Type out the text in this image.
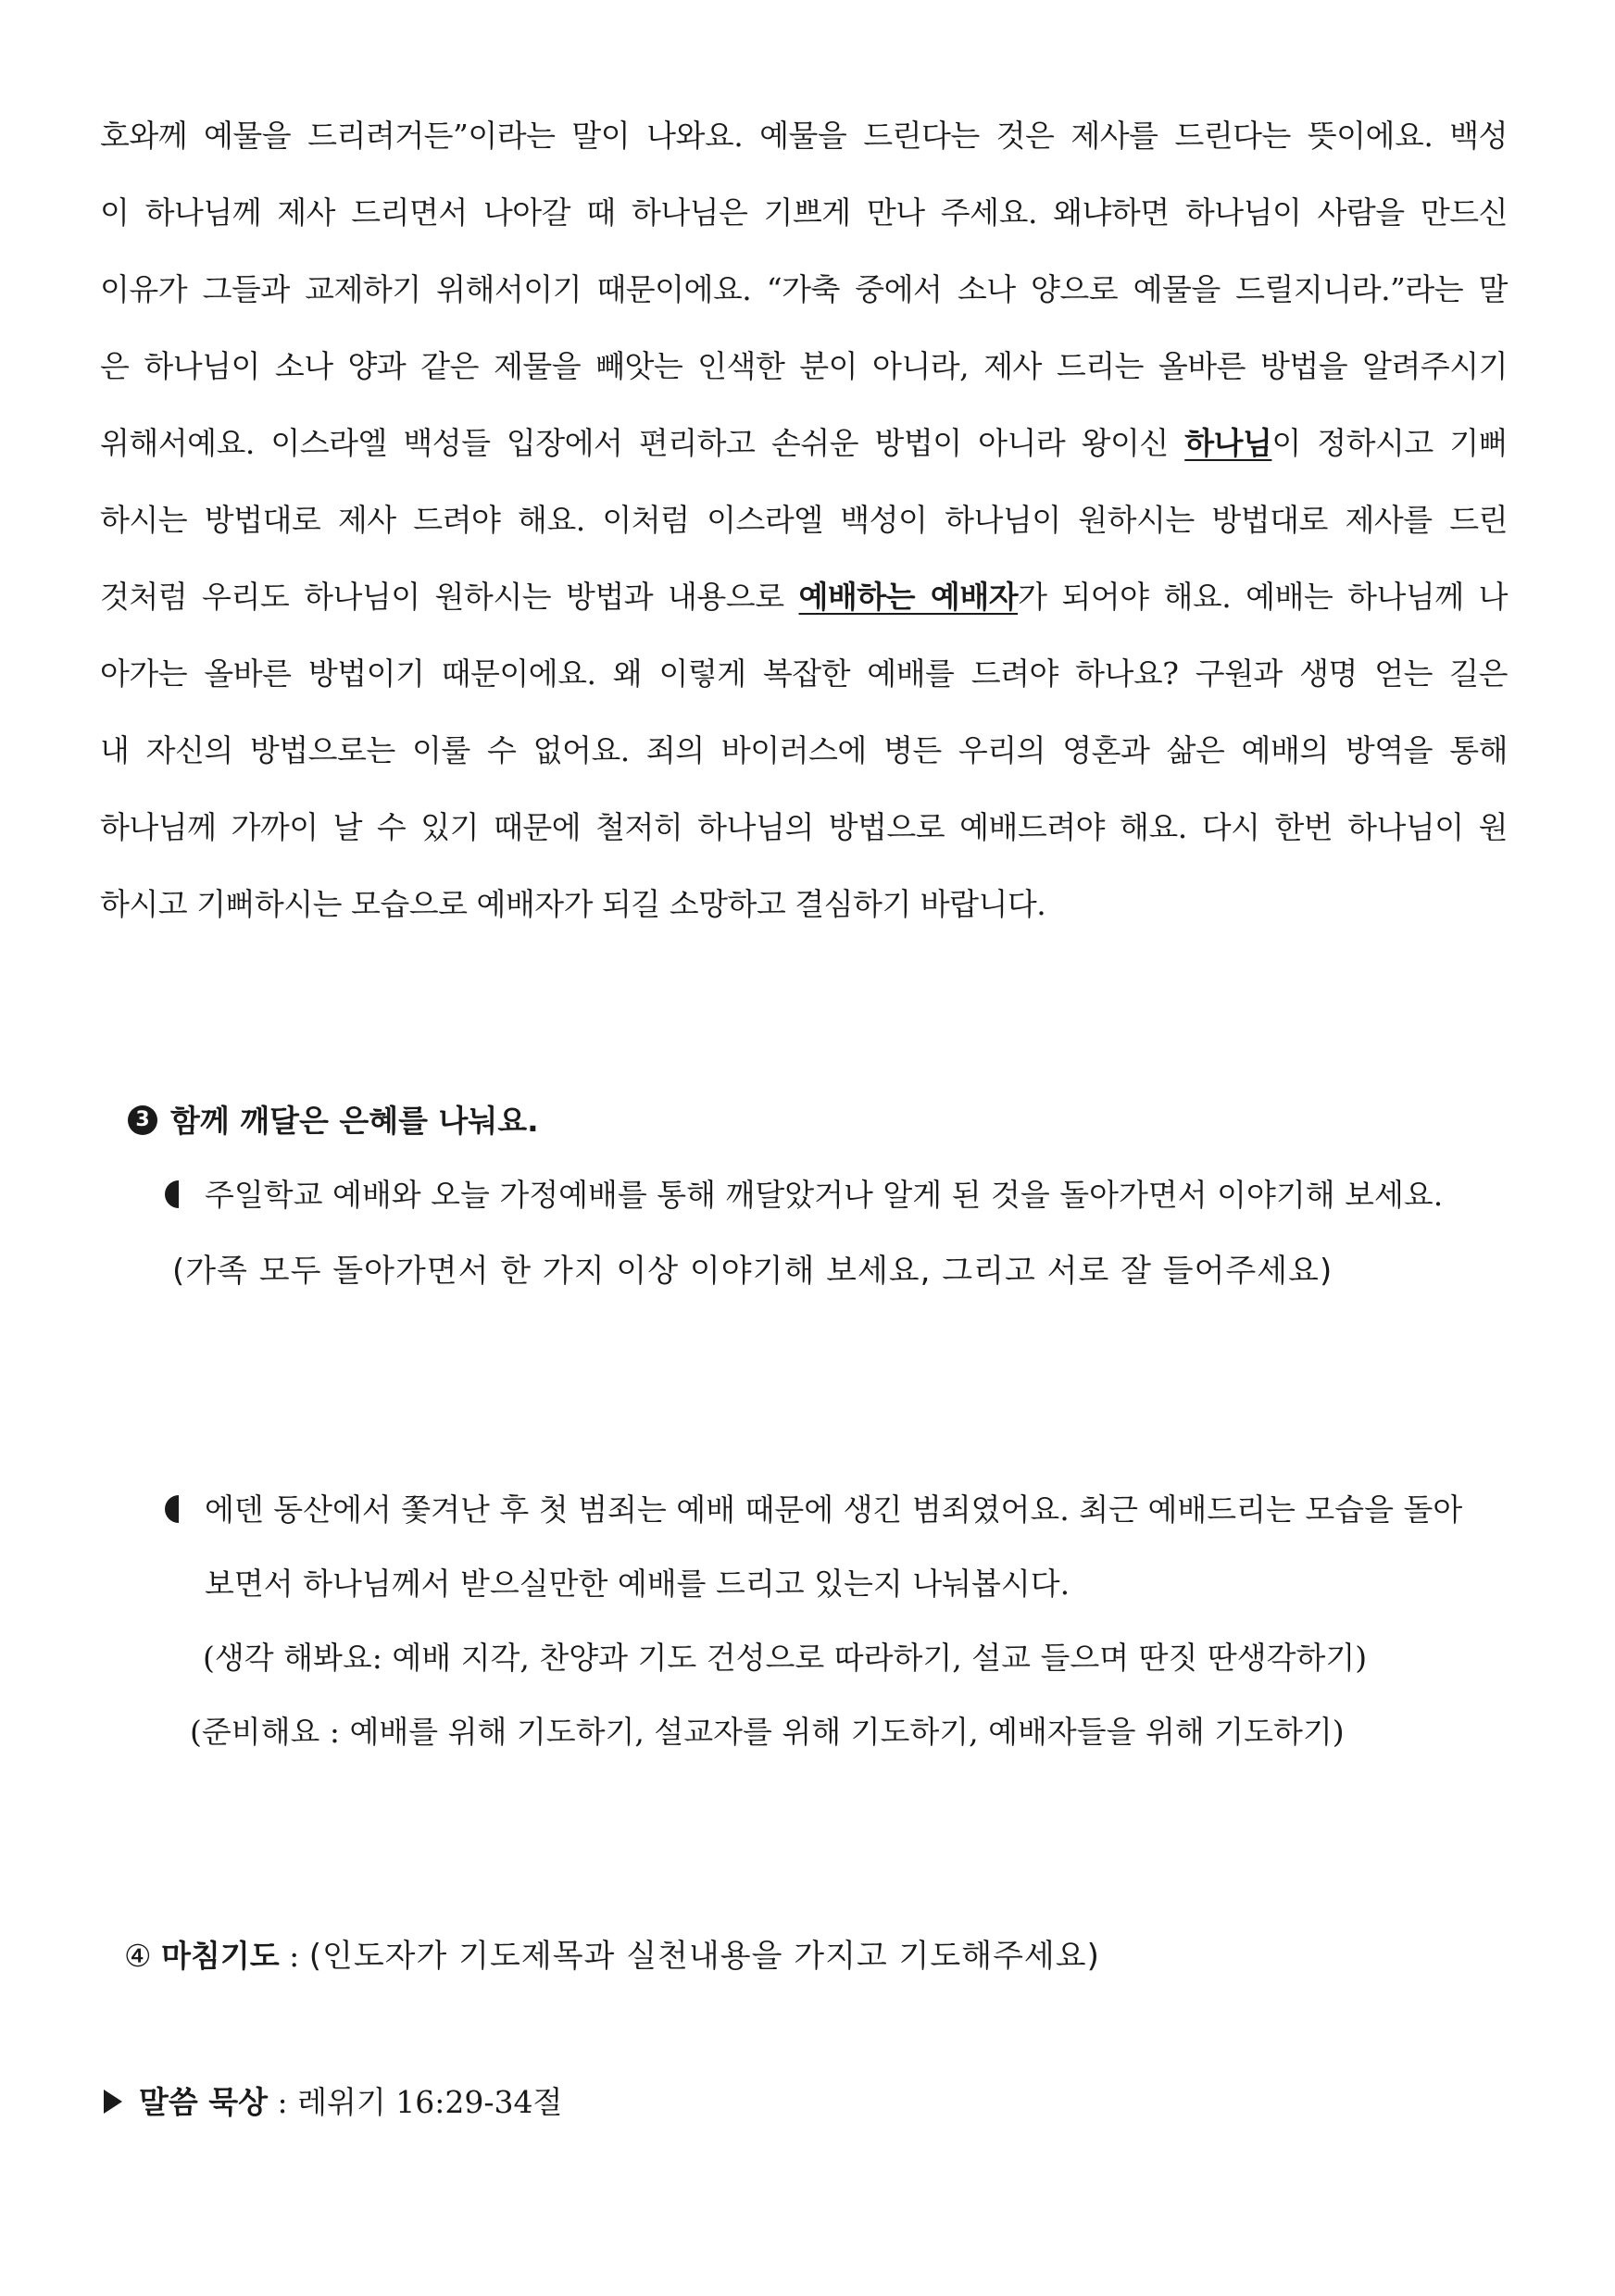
호와께 예물을 드리려거든”이라는 말이 나와요. 예물을 드린다는 것은 제사를 드린다는 뜻이에요. 백성
이 하나님께 제사 드리면서 나아갈 때 하나님은 기쁘게 만나 주세요. 왜냐하면 하나님이 사람을 만드신
이유가 그들과 교제하기 위해서이기 때문이에요. “가축 중에서 소나 양으로 예물을 드릴지니라.”라는 말
은 하나님이 소나 양과 같은 제물을 빼앗는 인색한 분이 아니라, 제사 드리는 올바른 방법을 알려주시기
위해서예요. 이스라엘 백성들 입장에서 편리하고 손쉬운 방법이 아니라 왕이신 하나님이 정하시고 기뻐
하시는 방법대로 제사 드려야 해요. 이처럼 이스라엘 백성이 하나님이 원하시는 방법대로 제사를 드린
것처럼 우리도 하나님이 원하시는 방법과 내용으로 예배하는 예배자가 되어야 해요. 예배는 하나님께 나
아가는 올바른 방법이기 때문이에요. 왜 이렇게 복잡한 예배를 드려야 하나요? 구원과 생명 얻는 길은
내 자신의 방법으로는 이룰 수 없어요. 죄의 바이러스에 병든 우리의 영혼과 삶은 예배의 방역을 통해
하나님께 가까이 날 수 있기 때문에 철저히 하나님의 방법으로 예배드려야 해요. 다시 한번 하나님이 원
하시고 기뻐하시는 모습으로 예배자가 되길 소망하고 결심하기 바랍니다.
3 함께 깨달은 은혜를 나눠요.
주일학교 예배와 오늘 가정예배를 통해 깨달았거나 알게 된 것을 돌아가면서 이야기해 보세요.
(가족 모두 돌아가면서 한 가지 이상 이야기해 보세요, 그리고 서로 잘 들어주세요)
에덴 동산에서 쫓겨난 후 첫 범죄는 예배 때문에 생긴 범죄였어요. 최근 예배드리는 모습을 돌아
보면서 하나님께서 받으실만한 예배를 드리고 있는지 나눠봅시다.
(생각 해봐요: 예배 지각, 찬양과 기도 건성으로 따라하기, 설교 들으며 딴짓 딴생각하기)
(준비해요 : 예배를 위해 기도하기, 설교자를 위해 기도하기, 예배자들을 위해 기도하기)
④ 마침기도 : (인도자가 기도제목과 실천내용을 가지고 기도해주세요)
말씀 묵상 : 레위기 16:29-34절
